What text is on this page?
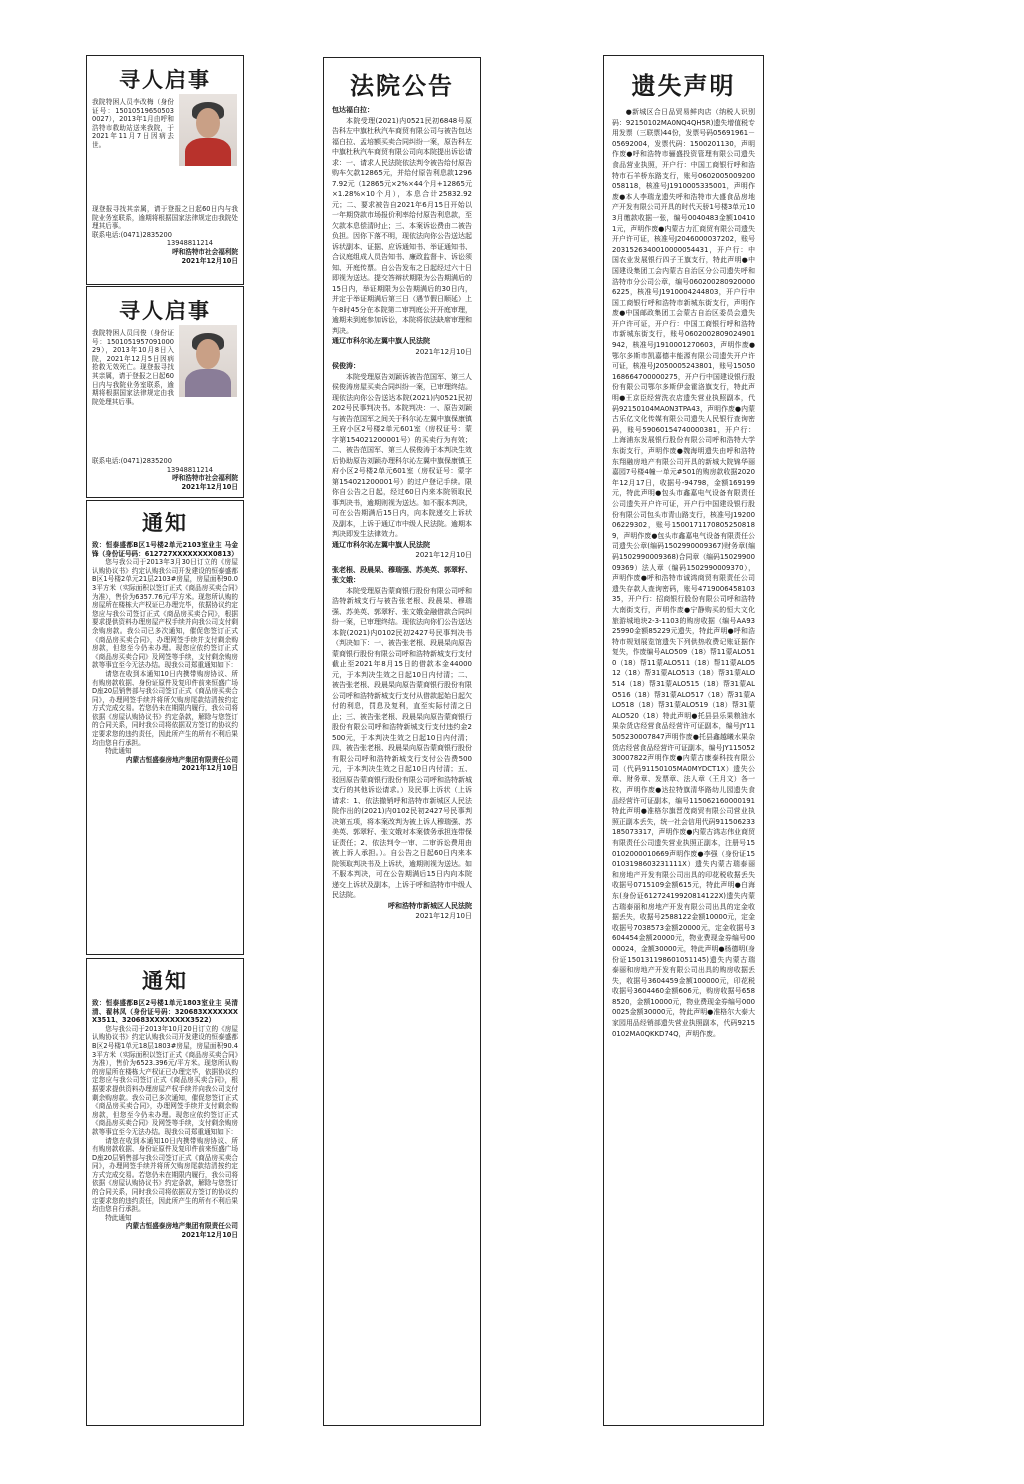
寻人启事
我院特困人员李改梅（身份证号：150105196505030027），2013年1月由呼和浩特市救助站送来我院，于2021年11月7日因病去世。
现登报寻找其亲属，请于登报之日起60日内与我院业务室联系，逾期将根据国家法律规定由我院处理其后事。
联系电话:(0471)2835200
13948811214
呼和浩特市社会福利院
2021年12月10日
寻人启事
我院特困人员闫俊（身份证号：150105195709100029），2013年10月8日入院，2021年12月5日因病抢救无效死亡。现登报寻找其亲属，请于登报之日起60日内与我院业务室联系，逾期将根据国家法律规定由我院处理其后事。
联系电话:(0471)2835200
13948811214
呼和浩特市社会福利院
2021年12月10日
通知
致：恒泰盛都B区1号楼2单元2103室业主 马金锋（身份证号码：612727XXXXXXXX0813）
您与我公司于2013年3月30日订立的《房屋认购协议书》约定认购我公司开发建设的恒泰盛都B区1号楼2单元21层2103#房屋，房屋面积90.03平方米（实际面积以签订正式《商品房买卖合同》为准），售价为6357.76元/平方米。现您所认购的房屋所在楼栋大产权证已办理完毕，依据协议约定您应与我公司签订正式《商品房买卖合同》，根据要求提供资料办理房屋产权手续并向我公司支付剩余购房款。我公司已多次通知，催促您签订正式《商品房买卖合同》，办理网签手续并支付剩余购房款，但您至今仍未办理。现您应依约签订正式《商品房买卖合同》及网签等手续，支付剩余购房款等事宜至今无法办结。现我公司郑重通知如下：
请您在收到本通知10日内携带购房协议、所有购房款收据、身份证原件及复印件前来恒盛广场D座20层销售部与我公司签订正式《商品房买卖合同》，办理网签手续并将所欠购房尾款结清按约定方式完成交易。若您仍未在期限内履行，我公司将依据《房屋认购协议书》约定条款，解除与您签订的合同关系，同时我公司将依据双方签订的协议约定要求您的违约责任，因此所产生的所有不利后果均由您自行承担。
特此通知
内蒙古恒盛泰房地产集团有限责任公司
2021年12月10日
通知
致：恒泰盛都B区2号楼1单元1803室业主 吴清清、翟林凤（身份证号码：320683XXXXXXXX3511、320683XXXXXXXX3522）
您与我公司于2013年10月20日订立的《房屋认购协议书》约定认购我公司开发建设的恒泰盛都B区2号楼1单元18层1803#房屋，房屋面积90.43平方米（实际面积以签订正式《商品房买卖合同》为准），售价为6523.396元/平方米。现您所认购的房屋所在楼栋大产权证已办理完毕，依据协议约定您应与我公司签订正式《商品房买卖合同》，根据要求提供资料办理房屋产权手续并向我公司支付剩余购房款。我公司已多次通知，催促您签订正式《商品房买卖合同》，办理网签手续并支付剩余购房款，但您至今仍未办理。现您应依约签订正式《商品房买卖合同》及网签等手续，支付剩余购房款等事宜至今无法办结。现我公司郑重通知如下：
请您在收到本通知10日内携带购房协议、所有购房款收据、身份证原件及复印件前来恒盛广场D座20层销售部与我公司签订正式《商品房买卖合同》，办理网签手续并将所欠购房尾款结清按约定方式完成交易。若您仍未在期限内履行，我公司将依据《房屋认购协议书》约定条款，解除与您签订的合同关系，同时我公司将依据双方签订的协议约定要求您的违约责任，因此所产生的所有不利后果均由您自行承担。
特此通知
内蒙古恒盛泰房地产集团有限责任公司
2021年12月10日
法院公告
包达福白拉：
本院受理(2021)内0521民初6848号原告科左中旗杜秋汽车商贸有限公司与被告包达福白拉、孟培额买卖合同纠纷一案，原告科左中旗杜秋汽车商贸有限公司向本院提出诉讼请求：一、请求人民法院依法判令被告给付原告购车欠款12865元，并给付原告利息款12967.92元（12865元×2%×44个月+12865元×1.28%×10个月），本息合计25832.92元；二、要求被告自2021年6月15日开始以一年期贷款市场报价利率给付原告利息款，至欠款本息偿清时止；三、本案诉讼费由二被告负担。因你下落不明，现依法向你公告送达起诉状副本、证据、应诉通知书、举证通知书、合议庭组成人员告知书、廉政监督卡、诉讼须知、开庭传票。自公告发布之日起经过六十日即视为送达。提交答辩状期限为公告期满后的15日内，举证期限为公告期满后的30日内，并定于举证期满后第三日（遇节假日顺延）上午8时45分在本院第二审判庭公开开庭审理，逾期未到庭参加诉讼，本院将依法缺席审理和判决。
通辽市科尔沁左翼中旗人民法院
2021年12月10日
侯俊涛：
本院受理原告刘颖诉被告范国军、第三人侯俊涛房屋买卖合同纠纷一案，已审理终结。现依法向你公告送达本院(2021)内0521民初202号民事判决书。本院判决：一、原告刘颖与被告范国军之间关于科尔沁左翼中旗保康镇王府小区2号楼2单元601室（房权证号：蒙字第154021200001号）的买卖行为有效；二、被告范国军、第三人侯俊涛于本判决生效后协助原告刘颖办理科尔沁左翼中旗保康镇王府小区2号楼2单元601室（房权证号：蒙字第154021200001号）的过户登记手续。限你自公告之日起，经过60日内来本院领取民事判决书，逾期则视为送达。如不服本判决，可在公告期满后15日内，向本院递交上诉状及副本，上诉于通辽市中级人民法院。逾期本判决即发生法律效力。
通辽市科尔沁左翼中旗人民法院
2021年12月10日
张老根、段晨杲、穆瑞强、苏美英、郭翠籽、张文娥：
本院受理原告蒙商银行股份有限公司呼和浩特新城支行与被告张老根、段晨杲、穆瑞强、苏美英、郭翠籽、张文娥金融借款合同纠纷一案，已审理终结。现依法向你们公告送达本院(2021)内0102民初2427号民事判决书（判决如下：一、被告张老根、段晨杲向原告蒙商银行股份有限公司呼和浩特新城支行支付截止至2021年8月15日的借款本金44000元，于本判决生效之日起10日内付清；二、被告张老根、段晨杲向原告蒙商银行股份有限公司呼和浩特新城支行支付从借款起始日起欠付的利息，罚息及复利，直至实际付清之日止；三、被告张老根、段晨杲向原告蒙商银行股份有限公司呼和浩特新城支行支付违约金2500元，于本判决生效之日起10日内付清；四、被告张老根、段晨杲向原告蒙商银行股份有限公司呼和浩特新城支行支付公告费500元，于本判决生效之日起10日内付清；五、驳回原告蒙商银行股份有限公司呼和浩特新城支行的其他诉讼请求。）及民事上诉状（上诉请求：1、依法撤销呼和浩特市新城区人民法院作出的(2021)内0102民初2427号民事判决第五项，将本案改判为被上诉人穆瑞强、苏美英、郭翠籽、张文娥对本案债务承担连带保证责任；2、依法判令一审、二审诉讼费用由被上诉人承担。）。自公告之日起60日内来本院领取判决书及上诉状，逾期则视为送达。如不服本判决，可在公告期满后15日内向本院递交上诉状及副本，上诉于呼和浩特市中级人民法院。
呼和浩特市新城区人民法院
2021年12月10日
遗失声明
●新城区合日品贸易鲜肉店（纳税人识别码：92150102MA0NQ4QH5R)遗失增值税专用发票（三联票)44份，发票号码05691961－05692004，发票代码：1500201130，声明作废●呼和浩特市骊盛投资管理有限公司遗失食品营业执照，开户行：中国工商银行呼和浩特市石羊桥东路支行，账号0602005009200058118，核准号J1910005335001，声明作废●本人李瑞龙遗失呼和浩特市大盛食品房地产开发有限公司开具的时代天骄1号楼3单元103月缴款收据一张，编号0040483金额104101元，声明作废●内蒙古力汇商贸有限公司遗失开户许可证，核准号J2046000037202，账号2031526340010000054431，开户行：中国农业发展银行四子王旗支行，特此声明●中国建设集团工会内蒙古自治区分公司遗失呼和浩特市分公司公章，编号0602002809200006225，核准号J1910004244803，开户行中国工商银行呼和浩特市新城东街支行，声明作废●中国邮政集团工会蒙古自治区委员会遗失开户许可证，开户行：中国工商银行呼和浩特市新城东街支行，账号0602002809024901942，核准号J1910001270603，声明作废●鄂尔多斯市凯嘉德丰能源有限公司遗失开户许可证，核准号J2050005243801，账号15050168664700000275，开户行中国建设银行股份有限公司鄂尔多斯伊金霍洛旗支行，特此声明●王京臣经营洗衣店遗失营业执照副本，代码92150104MA0N3TPA43，声明作废●内蒙古乐亿文化传媒有限公司遗失人民银行查询密码，账号59060154740000381，开户行：上海浦东发展银行股份有限公司呼和浩特大学东街支行，声明作废●魏海明遗失由呼和浩特东翔融房地产有限公司开具的新城大院锦华丽嘉园7号楼4幢一单元#501的购房款收据2020年12月17日，收据号-94798，金额169199元，特此声明●包头市鑫嘉电气设备有限责任公司遗失开户许可证，开户行中国建设银行股份有限公司包头市青山路支行，核准号J1920006229302，账号15001711708052508189，声明作废●包头市鑫嘉电气设备有限责任公司遗失公章(编码1502990009367)财务章(编码1502990009368)合同章（编码1502990009369）法人章（编码1502990009370），声明作废●呼和浩特市诚鸿商贸有限责任公司遗失存款人查询密码，账号471900645810335，开户行：招商银行股份有限公司呼和浩特大南街支行，声明作废●宁静购买的恒大文化旅游城地块2-3-1103的购房收据（编号AA9325990金额85229元遗失，特此声明●呼和浩特市规划展览馆遗失下列供热收费记账证据作复失，作废编号ALO509（18）帮11蒙ALO510（18）帮11蒙ALO511（18）帮11蒙ALO512（18）帮31蒙ALO513（18）帮31蒙ALO514（18）帮31蒙ALO515（18）帮31蒙ALO516（18）帮31蒙ALO517（18）帮31蒙ALO518（18）帮31蒙ALO519（18）帮31蒙ALO520（18）特此声明●托县县乐果粮油水果杂货店经营食品经营许可证副本，编号JY11505230007847声明作废●托县鑫越曦水果杂货店经营食品经营许可证副本，编号JY11505230007822声明作废●内蒙古康泰科技有限公司（代码91150105MA0MYDCT1X）遗失公章、财务章、发票章、法人章（王月文）各一枚，声明作废●达拉特旗清华路幼儿园遗失食品经营许可证副本，编号115062160000191特此声明●准格尔旗晋茂商贸有限公司营业执照正副本丢失，统一社会信用代码911506233185073317，声明作废●内蒙古鸿志伟业商贸有限责任公司遗失营业执照正副本，注册号150102000010669声明作废●李强（身份证150103198603231111X）遗失内蒙古瑞泰丽和房地产开发有限公司出具的印花税收据丢失收据号0715109金额615元，特此声明●白海东(身份证61272419920814122X)遗失内蒙古瑞泰丽和房地产开发有限公司出具的定金收据丢失，收据号2588122金额10000元，定金收据号7038573金额20000元，定金收据号3604454金额20000元，物业费现金券编号0000024，金额30000元，特此声明●杨德明(身份证150131198601051145)遗失内蒙古瑞泰丽和房地产开发有限公司出具的购房收据丢失，收据号3604459金额100000元，印花税收据号3604460金额606元，购房收据号6588520，金额10000元，物业费现金券编号0000025金额30000元，特此声明●准格尔大泰大家园用品经销部遗失营业执照副本，代码92150102MA0QKKD74Q，声明作废。
